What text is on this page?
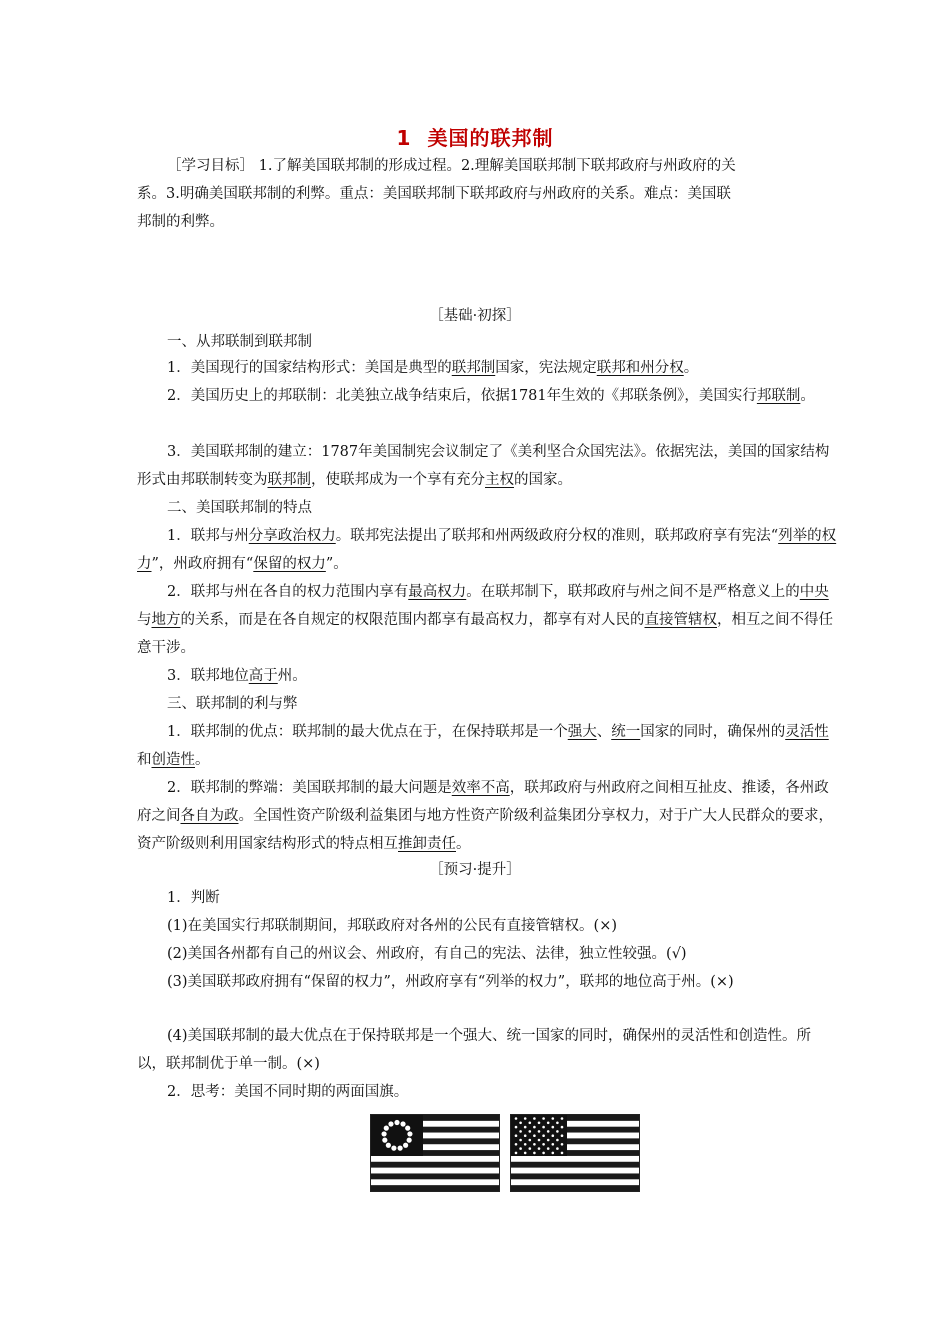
1 美国的联邦制
［学习目标］ 1.了解美国联邦制的形成过程。2.理解美国联邦制下联邦政府与州政府的关
系。3.明确美国联邦制的利弊。重点：美国联邦制下联邦政府与州政府的关系。难点：美国联
邦制的利弊。
［基础·初探］
一、从邦联制到联邦制

1．美国现行的国家结构形式：美国是典型的联邦制国家，宪法规定联邦和州分权。

2．美国历史上的邦联制：北美独立战争结束后，依据1781年生效的《邦联条例》，美国实行邦联制。

3．美国联邦制的建立：1787年美国制宪会议制定了《美利坚合众国宪法》。依据宪法，美国的国家结构形式由邦联制转变为联邦制，使联邦成为一个享有充分主权的国家。

二、美国联邦制的特点

1．联邦与州分享政治权力。联邦宪法提出了联邦和州两级政府分权的准则，联邦政府享有宪法“列举的权力”，州政府拥有“保留的权力”。

2．联邦与州在各自的权力范围内享有最高权力。在联邦制下，联邦政府与州之间不是严格意义上的中央与地方的关系，而是在各自规定的权限范围内都享有最高权力，都享有对人民的直接管辖权，相互之间不得任意干涉。

3．联邦地位高于州。

三、联邦制的利与弊

1．联邦制的优点：联邦制的最大优点在于，在保持联邦是一个强大、统一国家的同时，确保州的灵活性和创造性。

2．联邦制的弊端：美国联邦制的最大问题是效率不高，联邦政府与州政府之间相互扯皮、推诿，各州政府之间各自为政。全国性资产阶级利益集团与地方性资产阶级利益集团分享权力，对于广大人民群众的要求，资产阶级则利用国家结构形式的特点相互推卸责任。

［预习·提升］
1．判断

(1)在美国实行邦联制期间，邦联政府对各州的公民有直接管辖权。(×)

(2)美国各州都有自己的州议会、州政府，有自己的宪法、法律，独立性较强。(√)

(3)美国联邦政府拥有“保留的权力”，州政府享有“列举的权力”，联邦的地位高于州。(×)

(4)美国联邦制的最大优点在于保持联邦是一个强大、统一国家的同时，确保州的灵活性和创造性。所以，联邦制优于单一制。(×)

2．思考：美国不同时期的两面国旗。
